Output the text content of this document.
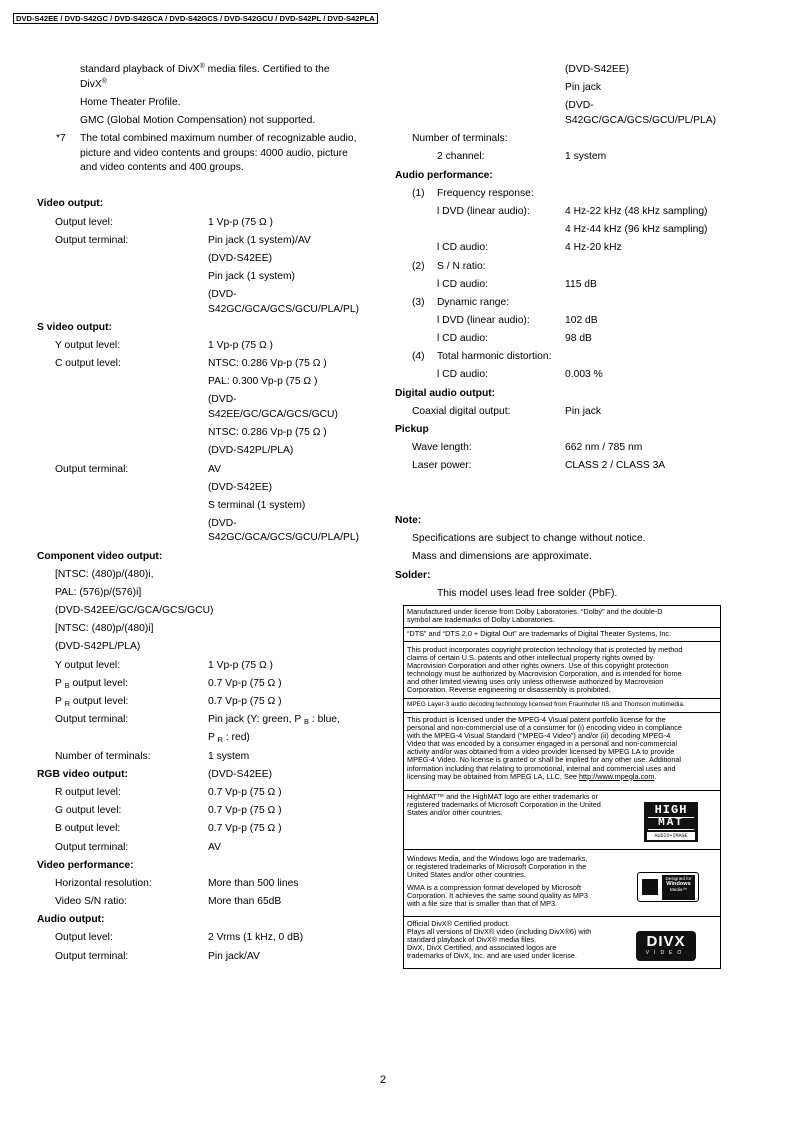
DVD-S42EE / DVD-S42GC / DVD-S42GCA / DVD-S42GCS / DVD-S42GCU / DVD-S42PL / DVD-S42PLA
standard playback of DivX® media files. Certified to the
DivX®
Home Theater Profile.
GMC (Global Motion Compensation) not supported.
*7 The total combined maximum number of recognizable audio,
picture and video contents and groups: 4000 audio, picture
and video contents and 400 groups.
Video output:
Output level:	1 Vp-p (75 Ω )
Output terminal:	Pin jack (1 system)/AV
(DVD-S42EE)
Pin jack (1 system)
(DVD-
S42GC/GCA/GCS/GCU/PLA/PL)
S video output:
Y output level:	1 Vp-p (75 Ω )
C output level:	NTSC: 0.286 Vp-p (75 Ω )
PAL: 0.300 Vp-p (75 Ω )
(DVD-
S42EE/GC/GCA/GCS/GCU)
NTSC: 0.286 Vp-p (75 Ω )
(DVD-S42PL/PLA)
Output terminal:	AV
(DVD-S42EE)
S terminal (1 system)
(DVD-
S42GC/GCA/GCS/GCU/PLA/PL)
Component video output:
[NTSC: (480)p/(480)i,
PAL: (576)p/(576)i]
(DVD-S42EE/GC/GCA/GCS/GCU)
[NTSC: (480)p/(480)i]
(DVD-S42PL/PLA)
Y output level:	1 Vp-p (75 Ω )
P $_B$ output level:	0.7 Vp-p (75 Ω )
P $_R$ output level:	0.7 Vp-p (75 Ω )
Output terminal:	Pin jack (Y: green, P $_B$ : blue,
P $_R$ : red)
Number of terminals:	1 system
RGB video output:	(DVD-S42EE)
R output level:	0.7 Vp-p (75 Ω )
G output level:	0.7 Vp-p (75 Ω )
B output level:	0.7 Vp-p (75 Ω )
Output terminal:	AV
Video performance:
Horizontal resolution:	More than 500 lines
Video S/N ratio:	More than 65dB
Audio output:
Output level:	2 Vrms (1 kHz, 0 dB)
Output terminal:	Pin jack/AV
(DVD-S42EE)
Pin jack
(DVD-
S42GC/GCA/GCS/GCU/PL/PLA)
Number of terminals:
2 channel:	1 system
Audio performance:
(1) Frequency response:
l DVD (linear audio):	4 Hz-22 kHz (48 kHz sampling)
4 Hz-44 kHz (96 kHz sampling)
l CD audio:	4 Hz-20 kHz
(2) S / N ratio:
l CD audio:	115 dB
(3) Dynamic range:
l DVD (linear audio):	102 dB
l CD audio:	98 dB
(4) Total harmonic distortion:
l CD audio:	0.003 %
Digital audio output:
Coaxial digital output:	Pin jack
Pickup
Wave length:	662 nm / 785 nm
Laser power:	CLASS 2 / CLASS 3A
Note:
Specifications are subject to change without notice.
Mass and dimensions are approximate.
Solder:
This model uses lead free solder (PbF).
Manufactured under license from Dolby Laboratories. “Dolby” and the double-D
symbol are trademarks of Dolby Laboratories.
“DTS” and “DTS 2.0 + Digital Out” are trademarks of Digital Theater Systems, Inc.
This product incorporates copyright protection technology that is protected by method
claims of certain U.S. patents and other intellectual property rights owned by
Macrovision Corporation and other rights owners. Use of this copyright protection
technology must be authorized by Macrovision Corporation, and is intended for home
and other limited viewing uses only unless otherwise authorized by Macrovision
Corporation. Reverse engineering or disassembly is prohibited.
MPEG Layer-3 audio decoding technology licensed from Fraunhofer IIS and Thomson multimedia.
This product is licensed under the MPEG-4 Visual patent portfolio license for the
personal and non-commercial use of a consumer for (i) encoding video in compliance
with the MPEG-4 Visual Standard (“MPEG-4 Video”) and/or (ii) decoding MPEG-4
Video that was encoded by a consumer engaged in a personal and non-commercial
activity and/or was obtained from a video provider licensed by MPEG LA to provide
MPEG-4 Video. No license is granted or shall be implied for any other use. Additional
information including that relating to promotional, internal and commercial uses and
licensing may be obtained from MPEG LA, LLC. See http://www.mpegla.com.
HighMAT™ and the HighMAT logo are either trademarks or
registered trademarks of Microsoft Corporation in the United
States and/or other countries.	HIGH
MAT
AUDIO+IMAGE
Windows Media, and the Windows logo are trademarks,
or registered trademarks of Microsoft Corporation in the
United States and/or other countries.
WMA is a compression format developed by Microsoft
Corporation. It achieves the same sound quality as MP3
with a file size that is smaller than that of MP3.
Designed for
Windows
Media™
Official DivX® Certified product.
Plays all versions of DivX® video (including DivX®6) with
standard playback of DivX® media files.
DivX, DivX Certified, and associated logos are
trademarks of DivX, Inc. and are used under license.
DIVX
VIDEO
2
